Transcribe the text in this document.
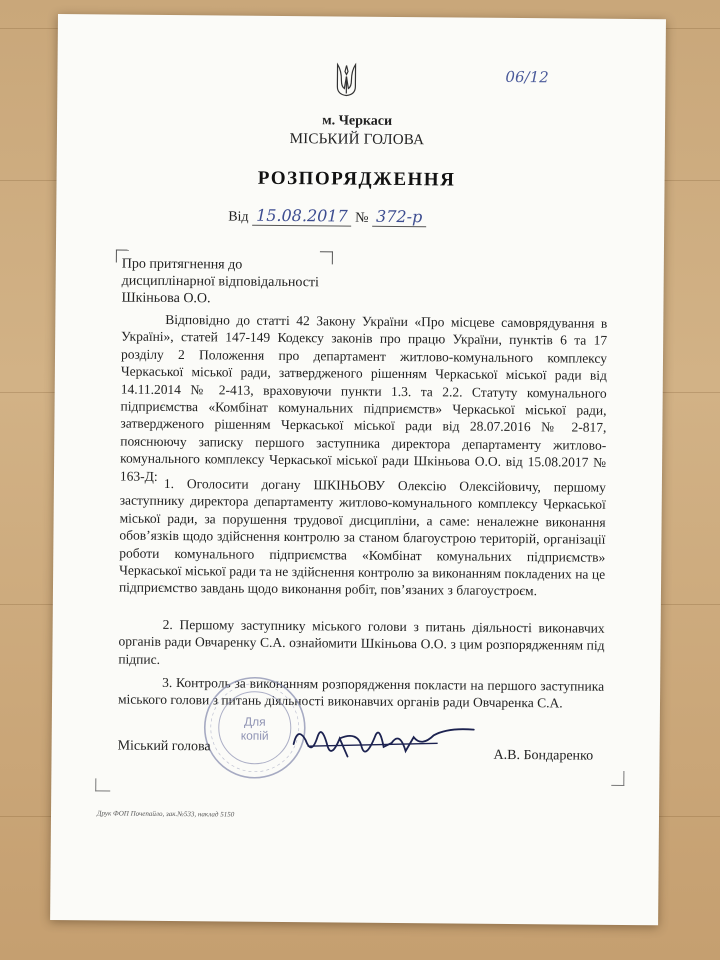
06/12
м. Черкаси
МІСЬКИЙ ГОЛОВА
РОЗПОРЯДЖЕННЯ
Від 15.08.2017 № 372-р
Про притягнення до
дисциплінарної відповідальності
Шкіньова О.О.

Відповідно до статті 42 Закону України «Про місцеве самоврядування в Україні», статей 147-149 Кодексу законів про працю України, пунктів 6 та 17 розділу 2 Положення про департамент житлово-комунального комплексу Черкаської міської ради, затвердженого рішенням Черкаської міської ради від 14.11.2014 № 2-413, враховуючи пункти 1.3. та 2.2. Статуту комунального підприємства «Комбінат комунальних підприємств» Черкаської міської ради, затвердженого рішенням Черкаської міської ради від 28.07.2016 № 2-817, пояснюючу записку першого заступника директора департаменту житлово-комунального комплексу Черкаської міської ради Шкіньова О.О. від 15.08.2017 № 163-Д:

1. Оголосити догану ШКІНЬОВУ Олексію Олексійовичу, першому заступнику директора департаменту житлово-комунального комплексу Черкаської міської ради, за порушення трудової дисципліни, а саме: неналежне виконання обов’язків щодо здійснення контролю за станом благоустрою територій, організації роботи комунального підприємства «Комбінат комунальних підприємств» Черкаської міської ради та не здійснення контролю за виконанням покладених на це підприємство завдань щодо виконання робіт, пов’язаних з благоустроєм.

2. Першому заступнику міського голови з питань діяльності виконавчих органів ради Овчаренку С.А. ознайомити Шкіньова О.О. з цим розпорядженням під підпис.

3. Контроль за виконанням розпорядження покласти на першого заступника міського голови з питань діяльності виконавчих органів ради Овчаренка С.А.

Для
копій
Міський голова
А.В. Бондаренко
Друк ФОП Почепайло, зак.№533, наклад 5150
